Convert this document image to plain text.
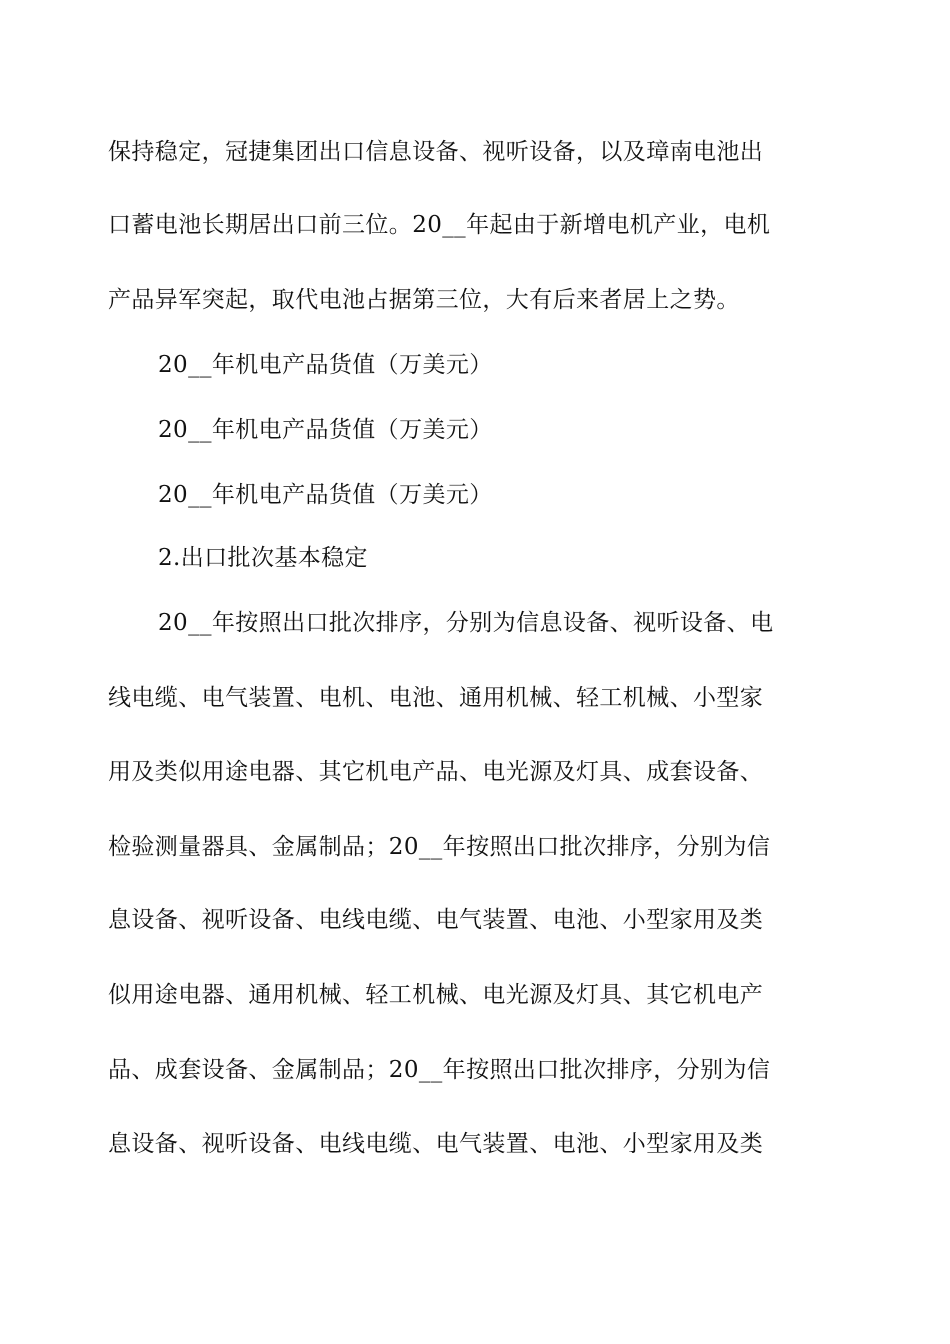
保持稳定，冠捷集团出口信息设备、视听设备，以及璋南电池出
口蓄电池长期居出口前三位。20__年起由于新增电机产业，电机
产品异军突起，取代电池占据第三位，大有后来者居上之势。
20__年机电产品货值（万美元）
20__年机电产品货值（万美元）
20__年机电产品货值（万美元）
2.出口批次基本稳定
20__年按照出口批次排序，分别为信息设备、视听设备、电
线电缆、电气装置、电机、电池、通用机械、轻工机械、小型家
用及类似用途电器、其它机电产品、电光源及灯具、成套设备、
检验测量器具、金属制品；20__年按照出口批次排序，分别为信
息设备、视听设备、电线电缆、电气装置、电池、小型家用及类
似用途电器、通用机械、轻工机械、电光源及灯具、其它机电产
品、成套设备、金属制品；20__年按照出口批次排序，分别为信
息设备、视听设备、电线电缆、电气装置、电池、小型家用及类
